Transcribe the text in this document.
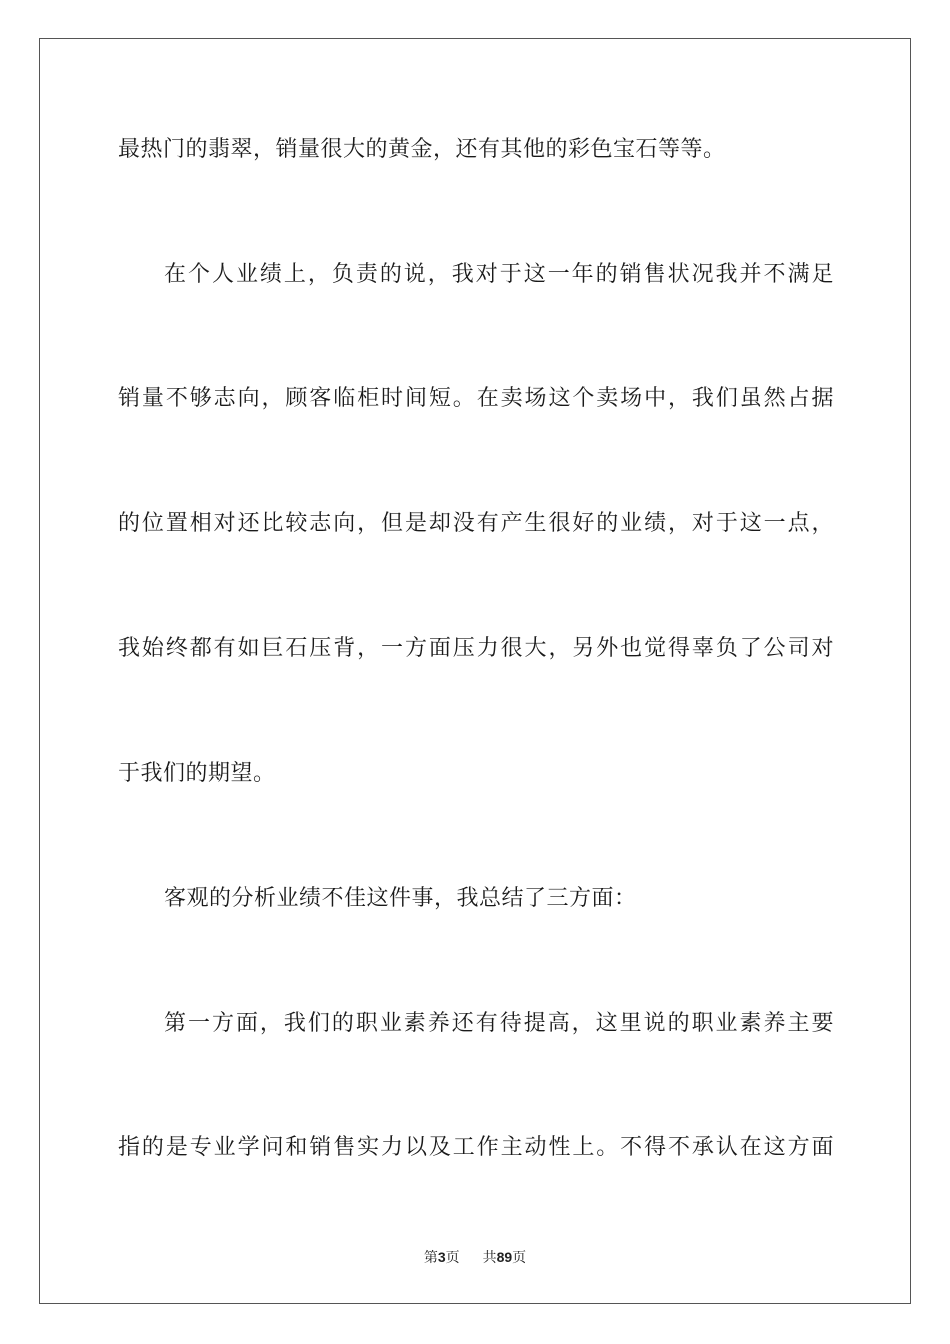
最热门的翡翠，销量很大的黄金，还有其他的彩色宝石等等。
在个人业绩上，负责的说，我对于这一年的销售状况我并不满足
销量不够志向，顾客临柜时间短。在卖场这个卖场中，我们虽然占据
的位置相对还比较志向，但是却没有产生很好的业绩，对于这一点，
我始终都有如巨石压背，一方面压力很大，另外也觉得辜负了公司对
于我们的期望。
客观的分析业绩不佳这件事，我总结了三方面：
第一方面，我们的职业素养还有待提高，这里说的职业素养主要
指的是专业学问和销售实力以及工作主动性上。不得不承认在这方面
第3页 共89页
